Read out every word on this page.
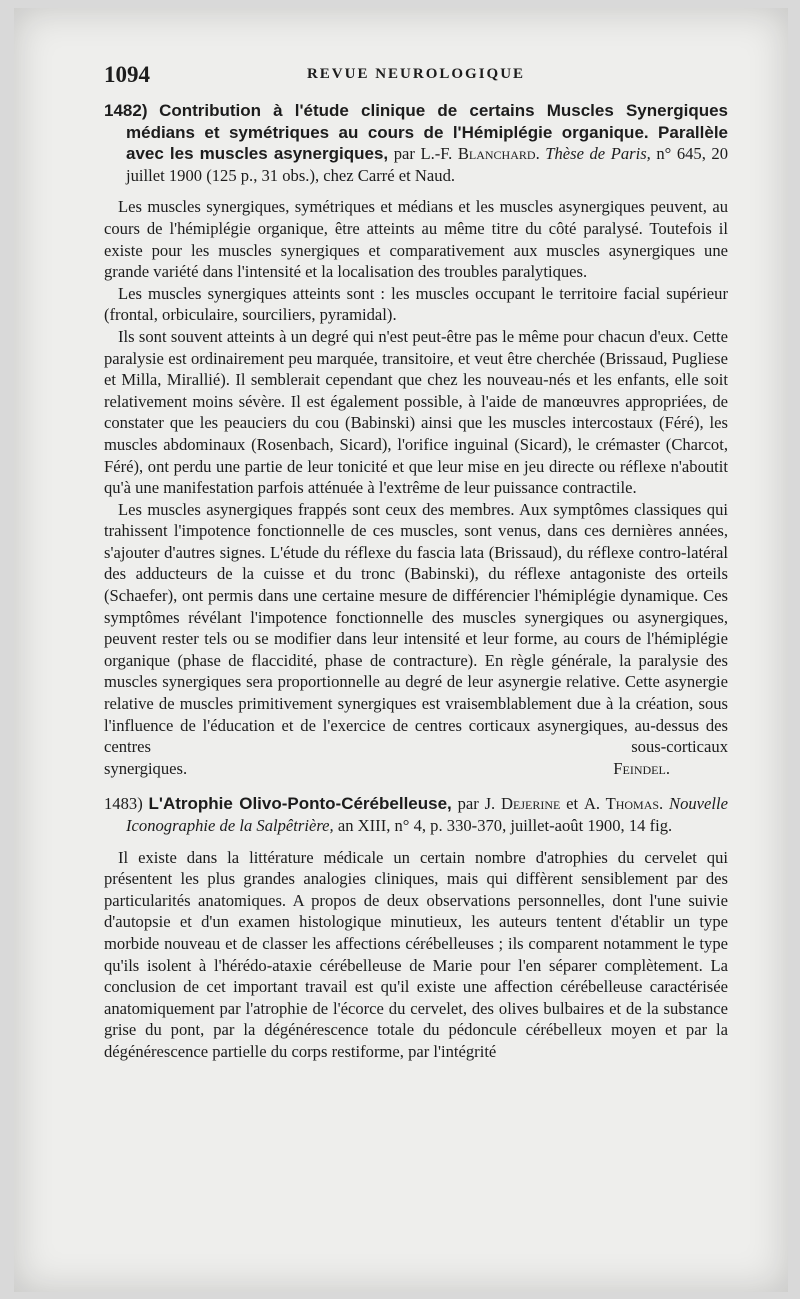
1094	REVUE NEUROLOGIQUE
1482) Contribution à l'étude clinique de certains Muscles Synergiques médians et symétriques au cours de l'Hémiplégie organique. Parallèle avec les muscles asynergiques, par L.-F. Blanchard. Thèse de Paris, n° 645, 20 juillet 1900 (125 p., 31 obs.), chez Carré et Naud.

Les muscles synergiques, symétriques et médians et les muscles asynergiques peuvent, au cours de l'hémiplégie organique, être atteints au même titre du côté paralysé. Toutefois il existe pour les muscles synergiques et comparativement aux muscles asynergiques une grande variété dans l'intensité et la localisation des troubles paralytiques.

Les muscles synergiques atteints sont : les muscles occupant le territoire facial supérieur (frontal, orbiculaire, sourciliers, pyramidal).

Ils sont souvent atteints à un degré qui n'est peut-être pas le même pour chacun d'eux. Cette paralysie est ordinairement peu marquée, transitoire, et veut être cherchée (Brissaud, Pugliese et Milla, Mirallié). Il semblerait cependant que chez les nouveau-nés et les enfants, elle soit relativement moins sévère. Il est également possible, à l'aide de manœuvres appropriées, de constater que les peauciers du cou (Babinski) ainsi que les muscles intercostaux (Féré), les muscles abdominaux (Rosenbach, Sicard), l'orifice inguinal (Sicard), le crémaster (Charcot, Féré), ont perdu une partie de leur tonicité et que leur mise en jeu directe ou réflexe n'aboutit qu'à une manifestation parfois atténuée à l'extrême de leur puissance contractile.

Les muscles asynergiques frappés sont ceux des membres. Aux symptômes classiques qui trahissent l'impotence fonctionnelle de ces muscles, sont venus, dans ces dernières années, s'ajouter d'autres signes. L'étude du réflexe du fascia lata (Brissaud), du réflexe contro-latéral des adducteurs de la cuisse et du tronc (Babinski), du réflexe antagoniste des orteils (Schaefer), ont permis dans une certaine mesure de différencier l'hémiplégie dynamique. Ces symptômes révélant l'impotence fonctionnelle des muscles synergiques ou asynergiques, peuvent rester tels ou se modifier dans leur intensité et leur forme, au cours de l'hémiplégie organique (phase de flaccidité, phase de contracture). En règle générale, la paralysie des muscles synergiques sera proportionnelle au degré de leur asynergie relative. Cette asynergie relative de muscles primitivement synergiques est vraisemblablement due à la création, sous l'influence de l'éducation et de l'exercice de centres corticaux asynergiques, au-dessus des centres sous-corticaux

synergiques.	Feindel.
1483) L'Atrophie Olivo-Ponto-Cérébelleuse, par J. Dejerine et A. Thomas. Nouvelle Iconographie de la Salpêtrière, an XIII, n° 4, p. 330-370, juillet-août 1900, 14 fig.

Il existe dans la littérature médicale un certain nombre d'atrophies du cervelet qui présentent les plus grandes analogies cliniques, mais qui diffèrent sensiblement par des particularités anatomiques. A propos de deux observations personnelles, dont l'une suivie d'autopsie et d'un examen histologique minutieux, les auteurs tentent d'établir un type morbide nouveau et de classer les affections cérébelleuses ; ils comparent notamment le type qu'ils isolent à l'hérédo-ataxie cérébelleuse de Marie pour l'en séparer complètement. La conclusion de cet important travail est qu'il existe une affection cérébelleuse caractérisée anatomiquement par l'atrophie de l'écorce du cervelet, des olives bulbaires et de la substance grise du pont, par la dégénérescence totale du pédoncule cérébelleux moyen et par la dégénérescence partielle du corps restiforme, par l'intégrité
